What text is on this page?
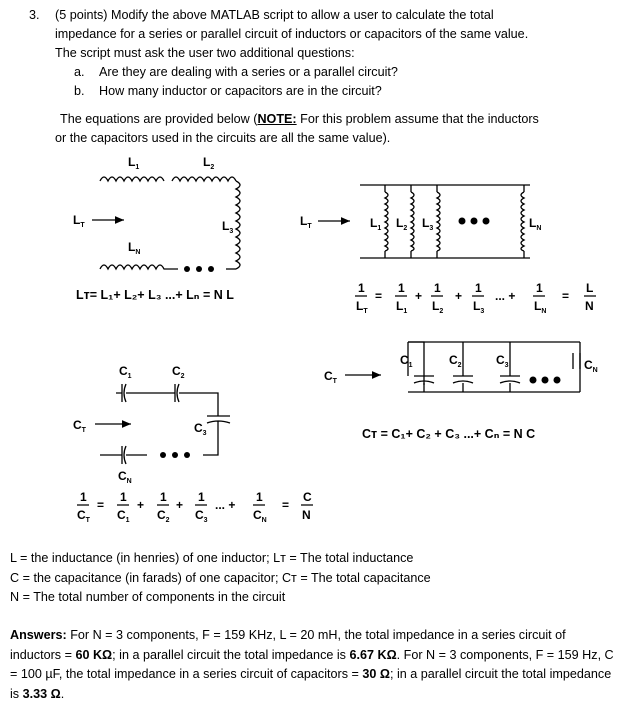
3. (5 points) Modify the above MATLAB script to allow a user to calculate the total
impedance for a series or parallel circuit of inductors or capacitors of the same value.
The script must ask the user two additional questions:
a. Are they are dealing with a series or a parallel circuit?
b. How many inductor or capacitors are in the circuit?
The equations are provided below (NOTE: For this problem assume that the inductors
or the capacitors used in the circuits are all the same value).
$L_1$	$L_2$
$L_3$
$L_T$
$L_N$
Lᴛ= L₁+ L₂+ L₃ ...+ Lₙ = N L
$L_T$	$L_1$ $L_2$ $L_3$	$L_N$
1
$L_T$
=
1
$L_1$
+
1
$L_2$
+
1
$L_3$
... +
1
$L_N$
=
L
N
$C_1$	$C_2$
$C_3$
$C_T$
$C_N$
1
$C_T$
=
1
$C_1$
+
1
$C_2$
+
1
$C_3$
... +
1
$C_N$
=
C
N
$C_T$
$C_1$	$C_2$	$C_3$	$C_N$
Cᴛ = C₁+ C₂ + C₃ ...+ Cₙ = N C
L = the inductance (in henries) of one inductor; Lᴛ = The total inductance
C = the capacitance (in farads) of one capacitor; Cᴛ = The total capacitance
N = The total number of components in the circuit
Answers: For N = 3 components, F = 159 KHz, L = 20 mH, the total impedance in a series circuit of inductors = 60 KΩ; in a parallel circuit the total impedance is 6.67 KΩ. For N = 3 components, F = 159 Hz, C = 100 µF, the total impedance in a series circuit of capacitors = 30 Ω; in a parallel circuit the total impedance is 3.33 Ω.
